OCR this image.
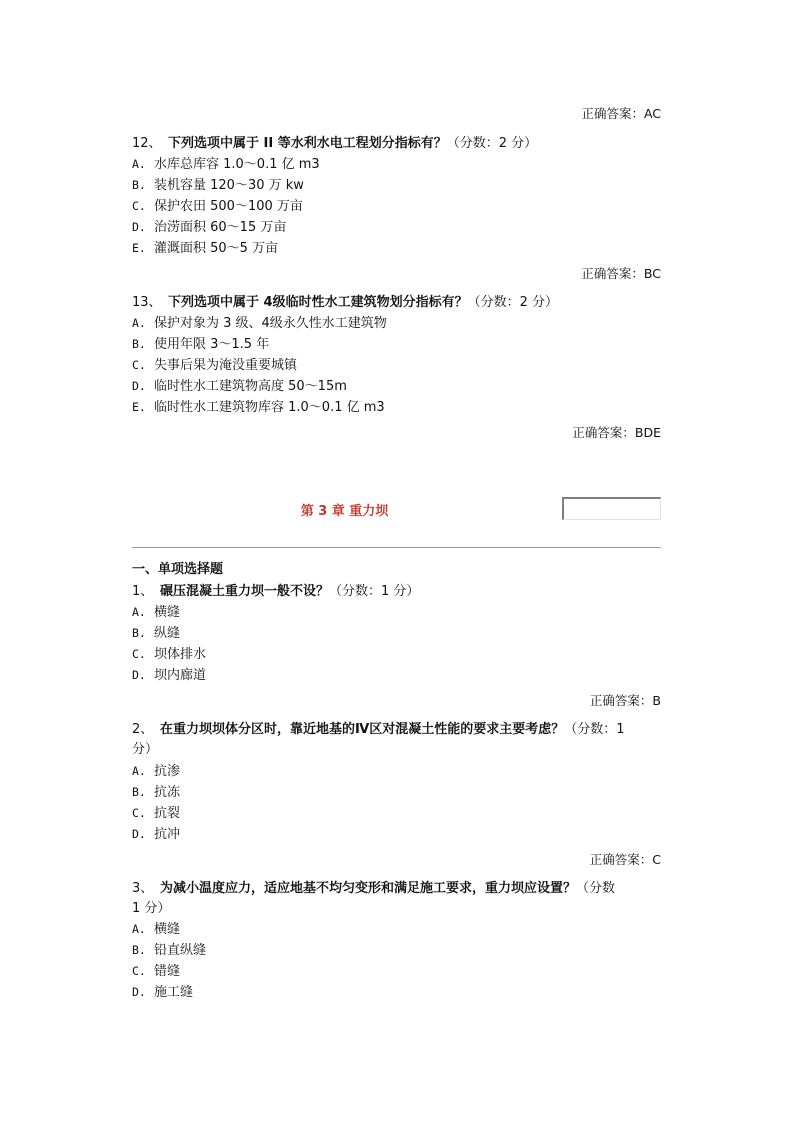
正确答案：AC
12、 下列选项中属于 II 等水利水电工程划分指标有？（分数：2 分）
A. 水库总库容 1.0～0.1 亿 m3
B. 装机容量 120～30 万 kw
C. 保护农田 500～100 万亩
D. 治涝面积 60～15 万亩
E. 灌溉面积 50～5 万亩
正确答案：BC
13、 下列选项中属于 4级临时性水工建筑物划分指标有？（分数：2 分）
A. 保护对象为 3 级、4级永久性水工建筑物
B. 使用年限 3～1.5 年
C. 失事后果为淹没重要城镇
D. 临时性水工建筑物高度 50～15m
E. 临时性水工建筑物库容 1.0～0.1 亿 m3
正确答案：BDE
第 3 章 重力坝
一、单项选择题
1、 碾压混凝土重力坝一般不设？（分数：1 分）
A. 横缝
B. 纵缝
C. 坝体排水
D. 坝内廊道
正确答案：B
2、 在重力坝坝体分区时，靠近地基的Ⅳ区对混凝土性能的要求主要考虑？（分数：1
分）
A. 抗渗
B. 抗冻
C. 抗裂
D. 抗冲
正确答案：C
3、 为减小温度应力，适应地基不均匀变形和满足施工要求，重力坝应设置？（分数
1 分）
A. 横缝
B. 铅直纵缝
C. 错缝
D. 施工缝
